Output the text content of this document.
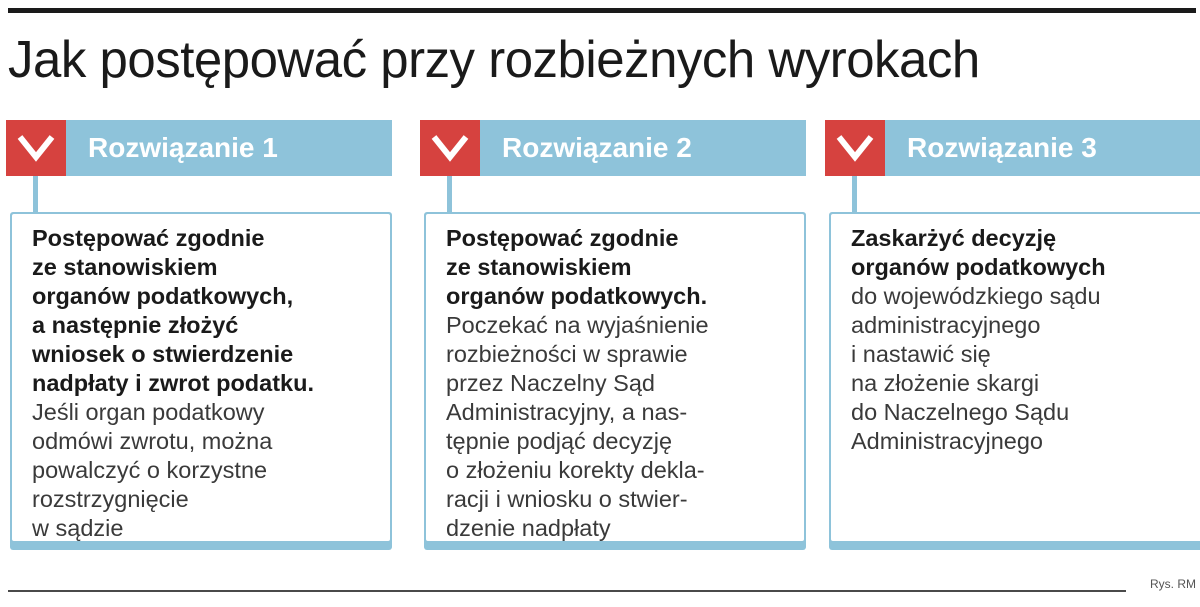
Jak postępować przy rozbieżnych wyrokach
Rozwiązanie 1

Postępować zgodnie
ze stanowiskiem
organów podatkowych,
a następnie złożyć
wniosek o stwierdzenie
nadpłaty i zwrot podatku.
Jeśli organ podatkowy
odmówi zwrotu, można
powalczyć o korzystne
rozstrzygnięcie
w sądzie

Rozwiązanie 2

Postępować zgodnie
ze stanowiskiem
organów podatkowych.
Poczekać na wyjaśnienie
rozbieżności w sprawie
przez Naczelny Sąd
Administracyjny, a nas-
tępnie podjąć decyzję
o złożeniu korekty dekla-
racji i wniosku o stwier-
dzenie nadpłaty

Rozwiązanie 3

Zaskarżyć decyzję
organów podatkowych
do wojewódzkiego sądu
administracyjnego
i nastawić się
na złożenie skargi
do Naczelnego Sądu
Administracyjnego

Rys. RM
